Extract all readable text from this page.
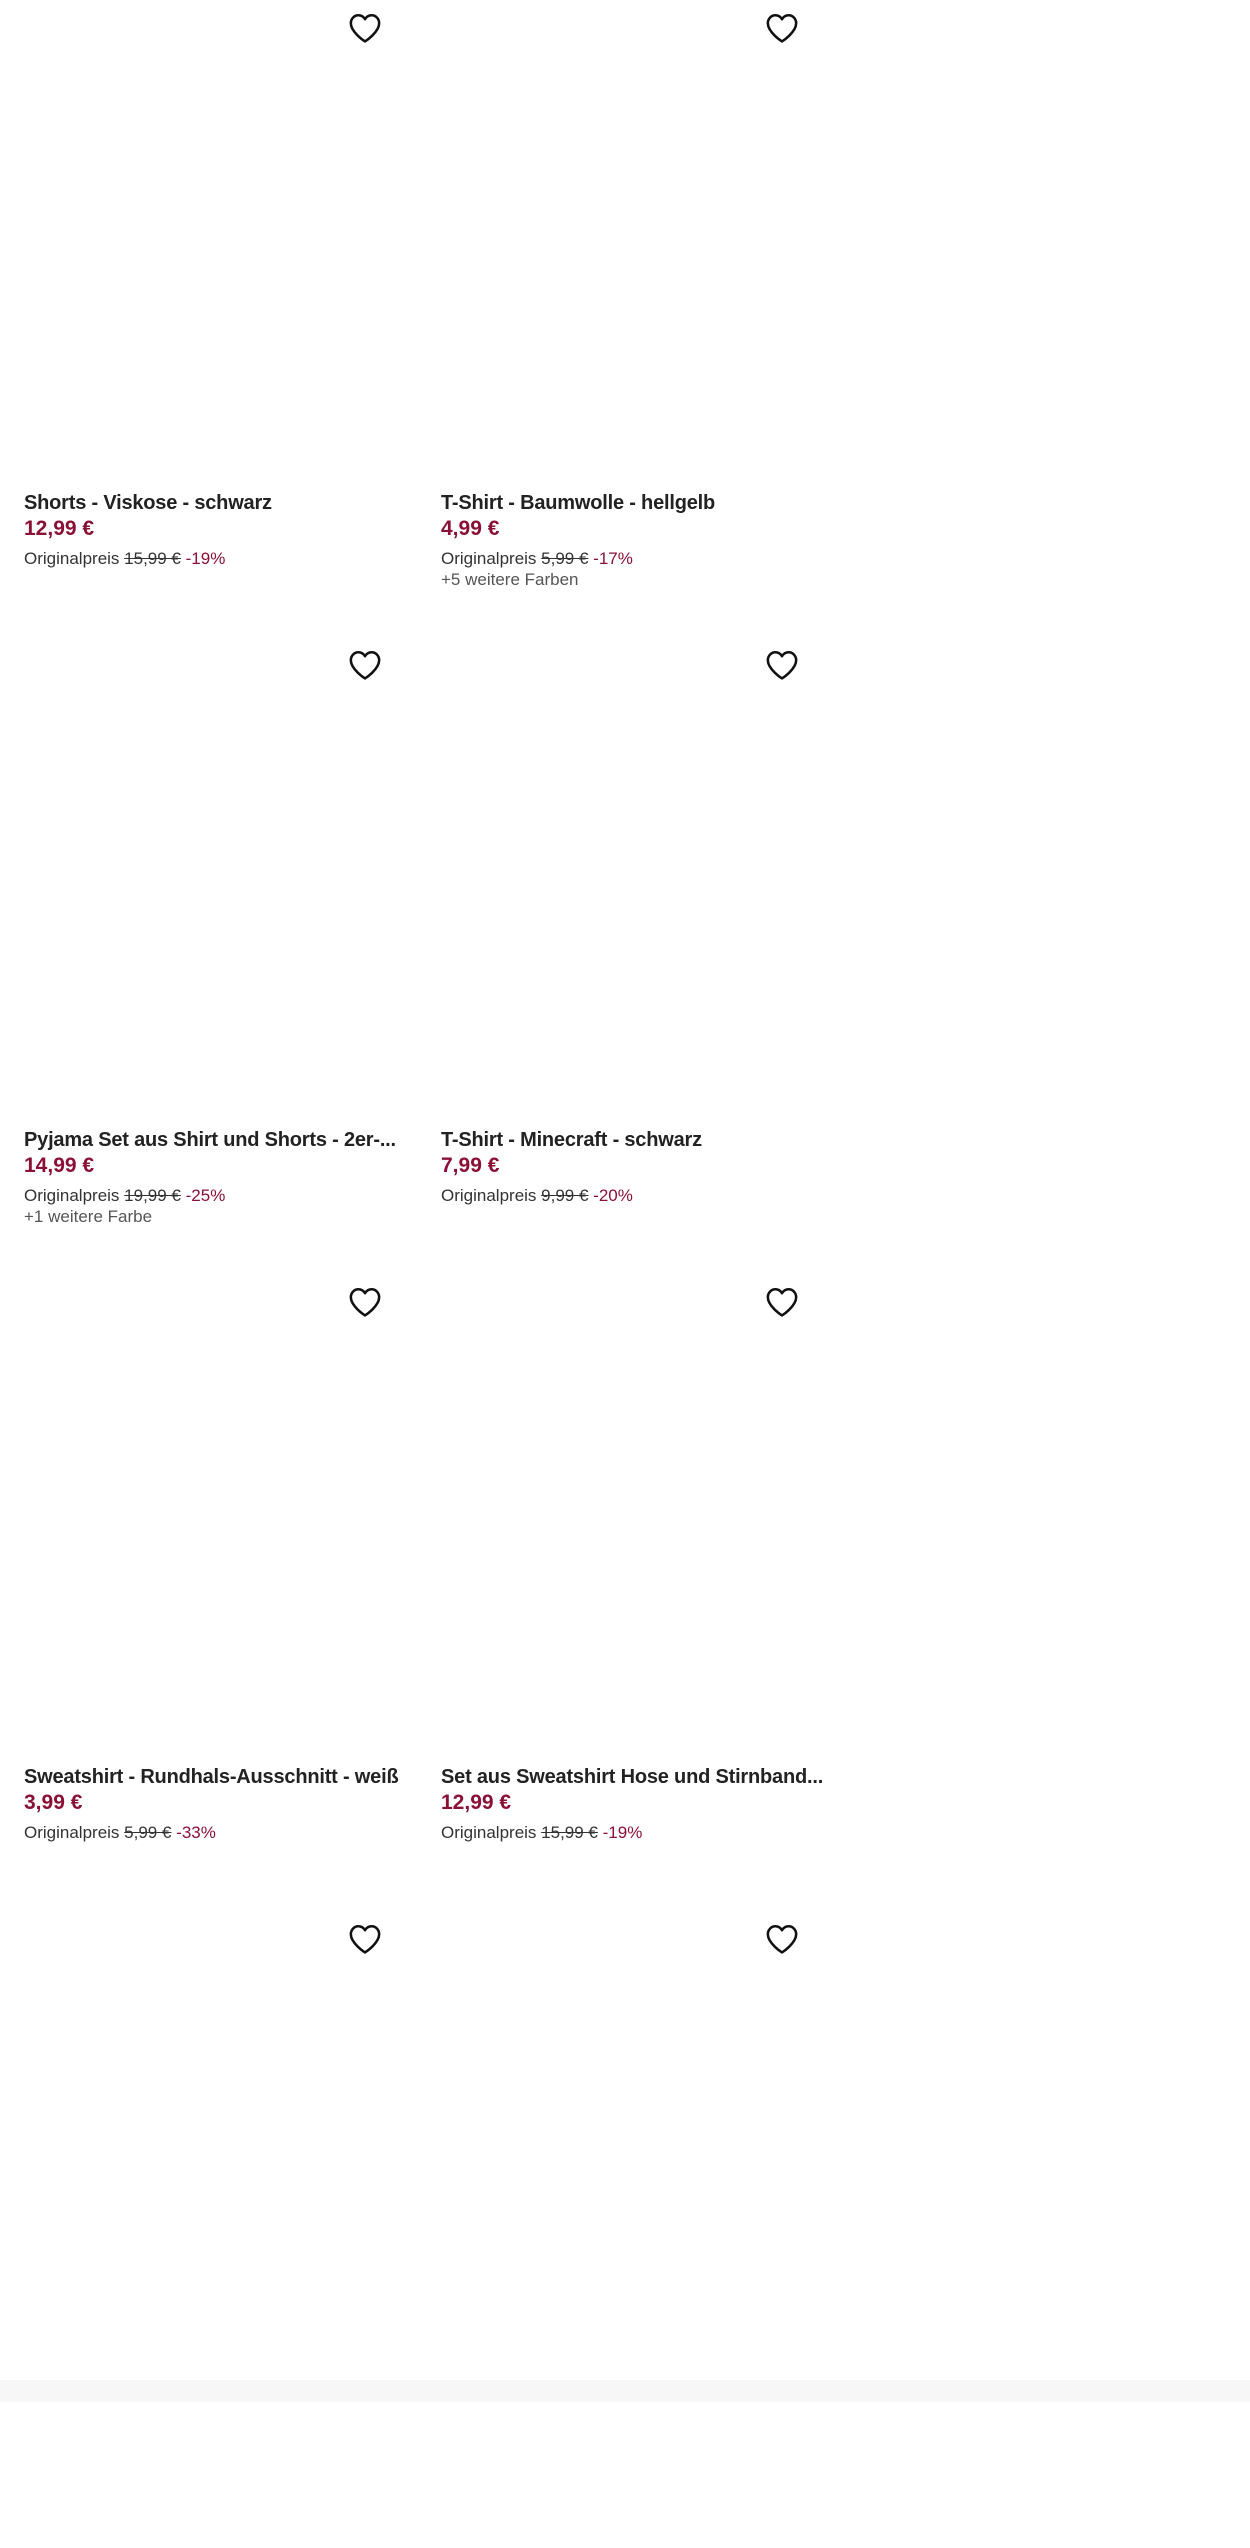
Shorts - Viskose - schwarz
12,99 €
Originalpreis 15,99 € -19%
T-Shirt - Baumwolle - hellgelb
4,99 €
Originalpreis 5,99 € -17%
+5 weitere Farben
Pyjama Set aus Shirt und Shorts - 2er-...
14,99 €
Originalpreis 19,99 € -25%
+1 weitere Farbe
T-Shirt - Minecraft - schwarz
7,99 €
Originalpreis 9,99 € -20%
Sweatshirt - Rundhals-Ausschnitt - weiß
3,99 €
Originalpreis 5,99 € -33%
Set aus Sweatshirt Hose und Stirnband...
12,99 €
Originalpreis 15,99 € -19%
